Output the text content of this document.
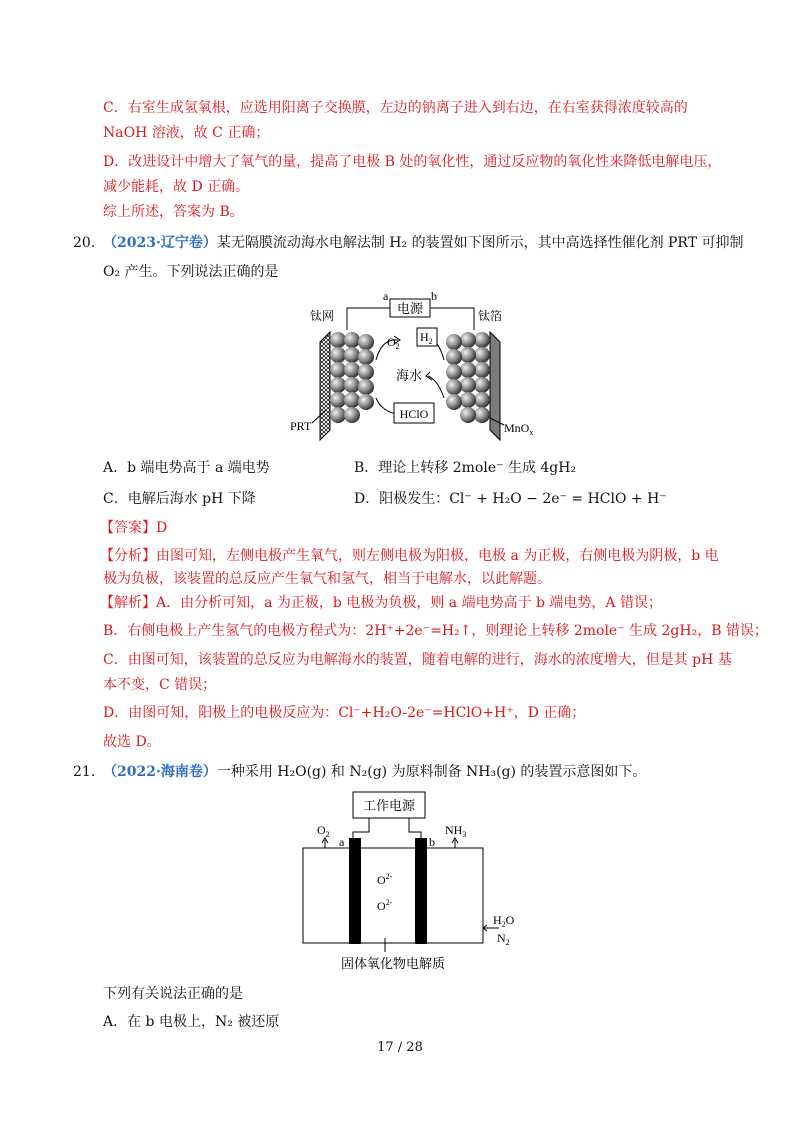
C．右室生成氢氧根，应选用阳离子交换膜，左边的钠离子进入到右边，在右室获得浓度较高的
NaOH 溶液，故 C 正确；
D．改进设计中增大了氧气的量，提高了电极 B 处的氧化性，通过反应物的氧化性来降低电解电压，
减少能耗，故 D 正确。
综上所述，答案为 B。
20. （2023·辽宁卷）某无隔膜流动海水电解法制 H₂ 的装置如下图所示，其中高选择性催化剂 PRT 可抑制
O₂ 产生。下列说法正确的是
电源
a	b
钛网	钛箔
$O_2$
$H_2$
海水
HClO
PRT	MnO$_x$
A．b 端电势高于 a 端电势	B．理论上转移 2mole⁻ 生成 4gH₂
C．电解后海水 pH 下降	D．阳极发生：Cl⁻ + H₂O − 2e⁻ = HClO + H⁻
【答案】D
【分析】由图可知，左侧电极产生氧气，则左侧电极为阳极，电极 a 为正极，右侧电极为阴极，b 电
极为负极，该装置的总反应产生氧气和氢气，相当于电解水，以此解题。
【解析】A．由分析可知，a 为正极，b 电极为负极，则 a 端电势高于 b 端电势，A 错误；
B．右侧电极上产生氢气的电极方程式为：2H⁺+2e⁻=H₂↑，则理论上转移 2mole⁻ 生成 2gH₂，B 错误；
C．由图可知，该装置的总反应为电解海水的装置，随着电解的进行，海水的浓度增大，但是其 pH 基
本不变，C 错误；
D．由图可知，阳极上的电极反应为：Cl⁻+H₂O-2e⁻=HClO+H⁺，D 正确；
故选 D。
21. （2022·海南卷）一种采用 H₂O(g) 和 N₂(g) 为原料制备 NH₃(g) 的装置示意图如下。
工作电源
a	b
$O_2$	$NH_3$
$O^{2-}$
$O^{2-}$
$H_2O$
$N_2$
固体氧化物电解质
下列有关说法正确的是
A．在 b 电极上，N₂ 被还原
17 / 28
